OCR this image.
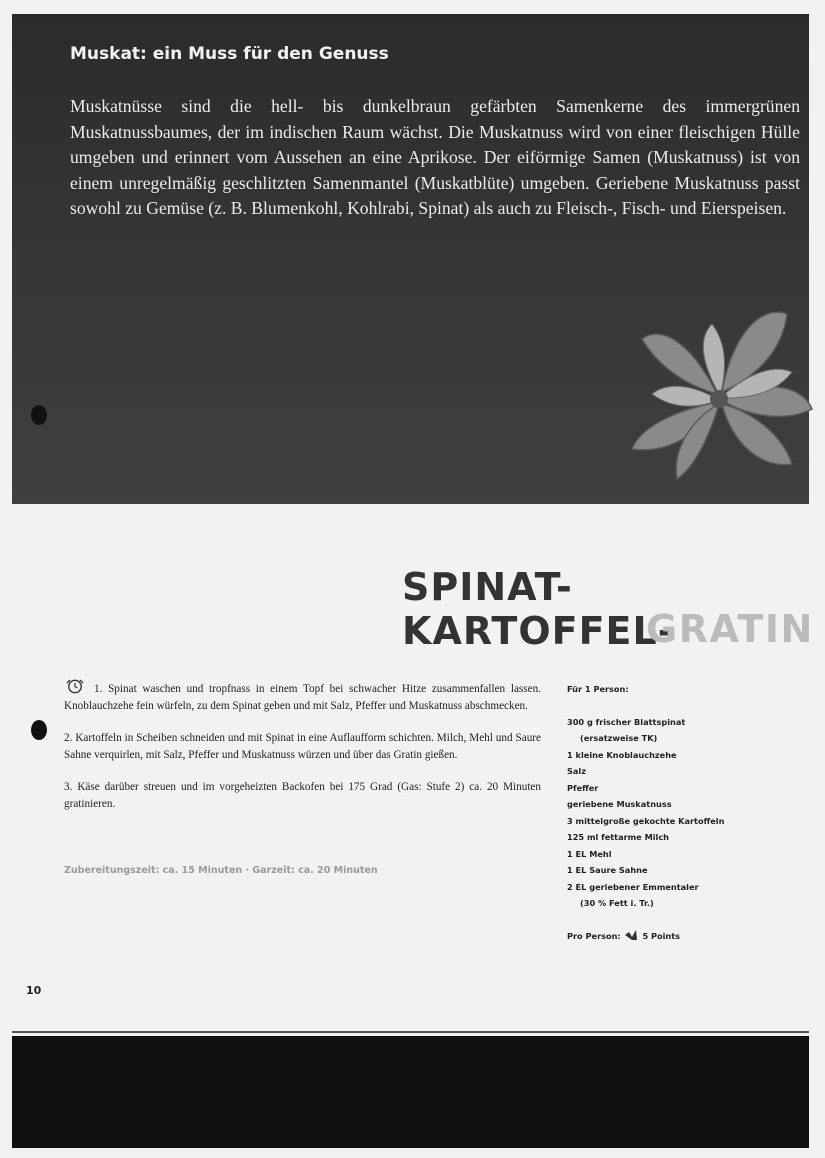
Muskat: ein Muss für den Genuss
Muskatnüsse sind die hell- bis dunkelbraun gefärbten Samenkerne des immergrünen Muskatnussbaumes, der im indischen Raum wächst. Die Muskatnuss wird von einer fleischigen Hülle umgeben und erinnert vom Aussehen an eine Aprikose. Der eiförmige Samen (Muskatnuss) ist von einem unregelmäßig geschlitzten Samenmantel (Muskatblüte) umgeben. Geriebene Muskatnuss passt sowohl zu Gemüse (z. B. Blumenkohl, Kohlrabi, Spinat) als auch zu Fleisch-, Fisch- und Eierspeisen.
SPINAT-KARTOFFEL-
GRATIN

1. Spinat waschen und tropfnass in einem Topf bei schwacher Hitze zusammenfallen lassen. Knoblauchzehe fein würfeln, zu dem Spinat geben und mit Salz, Pfeffer und Muskatnuss abschmecken.

2. Kartoffeln in Scheiben schneiden und mit Spinat in eine Auflaufform schichten. Milch, Mehl und Saure Sahne verquirlen, mit Salz, Pfeffer und Muskatnuss würzen und über das Gratin gießen.

3. Käse darüber streuen und im vorgeheizten Backofen bei 175 Grad (Gas: Stufe 2) ca. 20 Minuten gratinieren.

Zubereitungszeit: ca. 15 Minuten · Garzeit: ca. 20 Minuten
Für 1 Person:
300 g frischer Blattspinat
(ersatzweise TK)
1 kleine Knoblauchzehe
Salz
Pfeffer
geriebene Muskatnuss
3 mittelgroße gekochte Kartoffeln
125 ml fettarme Milch
1 EL Mehl
1 EL Saure Sahne
2 EL geriebener Emmentaler
(30 % Fett i. Tr.)
Pro Person:	5 Points
10
